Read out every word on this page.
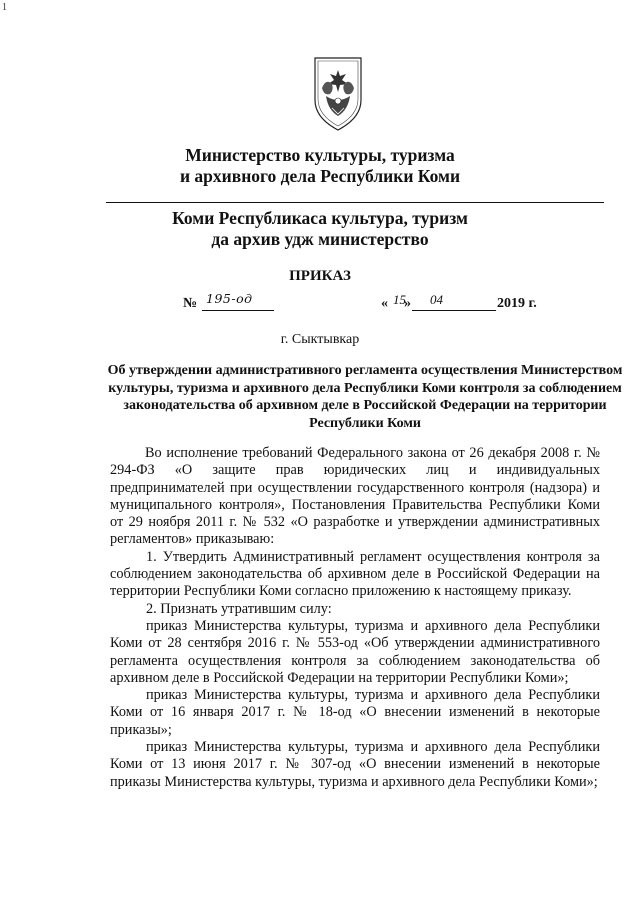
1
Министерство культуры, туризма
и архивного дела Республики Коми
Коми Республикаса культура, туризм
да архив удж министерство
ПРИКАЗ
№ 195-од	« 15
» 04	2019 г.
г. Сыктывкар
Об утверждении административного регламента осуществления Министерством культуры, туризма и архивного дела Республики Коми контроля за соблюдением законодательства об архивном деле в Российской Федерации на территории Республики Коми

Во исполнение требований Федерального закона от 26 декабря 2008 г. № 294-ФЗ «О защите прав юридических лиц и индивидуальных предпринимателей при осуществлении государственного контроля (надзора) и муниципального контроля», Постановления Правительства Республики Коми от 29 ноября 2011 г. № 532 «О разработке и утверждении административных регламентов» приказываю:

1. Утвердить Административный регламент осуществления контроля за соблюдением законодательства об архивном деле в Российской Федерации на территории Республики Коми согласно приложению к настоящему приказу.

2. Признать утратившим силу:

приказ Министерства культуры, туризма и архивного дела Республики Коми от 28 сентября 2016 г. № 553-од «Об утверждении административного регламента осуществления контроля за соблюдением законодательства об архивном деле в Российской Федерации на территории Республики Коми»;

приказ Министерства культуры, туризма и архивного дела Республики Коми от 16 января 2017 г. № 18-од «О внесении изменений в некоторые приказы»;

приказ Министерства культуры, туризма и архивного дела Республики Коми от 13 июня 2017 г. № 307-од «О внесении изменений в некоторые приказы Министерства культуры, туризма и архивного дела Республики Коми»;
